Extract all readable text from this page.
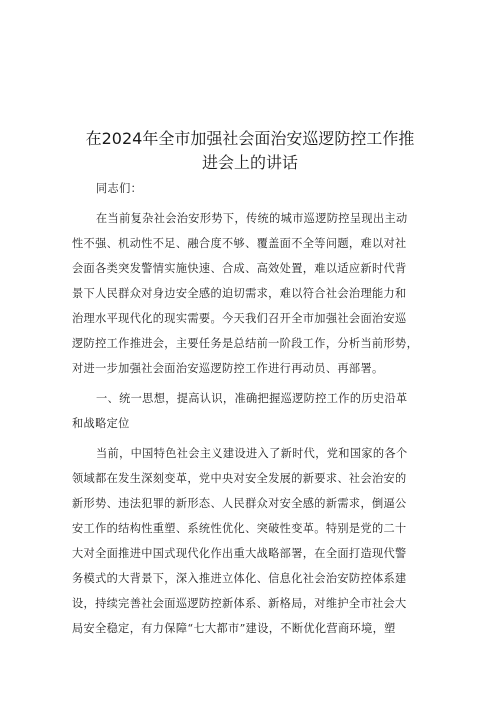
在2024年全市加强社会面治安巡逻防控工作推
进会上的讲话
同志们：
在当前复杂社会治安形势下，传统的城市巡逻防控呈现出主动
性不强、机动性不足、融合度不够、覆盖面不全等问题，难以对社
会面各类突发警情实施快速、合成、高效处置，难以适应新时代背
景下人民群众对身边安全感的迫切需求，难以符合社会治理能力和
治理水平现代化的现实需要。今天我们召开全市加强社会面治安巡
逻防控工作推进会，主要任务是总结前一阶段工作，分析当前形势，
对进一步加强社会面治安巡逻防控工作进行再动员、再部署。
一、统一思想，提高认识，准确把握巡逻防控工作的历史沿革
和战略定位
当前，中国特色社会主义建设进入了新时代，党和国家的各个
领域都在发生深刻变革，党中央对安全发展的新要求、社会治安的
新形势、违法犯罪的新形态、人民群众对安全感的新需求，倒逼公
安工作的结构性重塑、系统性优化、突破性变革。特别是党的二十
大对全面推进中国式现代化作出重大战略部署，在全面打造现代警
务模式的大背景下，深入推进立体化、信息化社会治安防控体系建
设，持续完善社会面巡逻防控新体系、新格局，对维护全市社会大
局安全稳定，有力保障“七大都市”建设，不断优化营商环境，塑
